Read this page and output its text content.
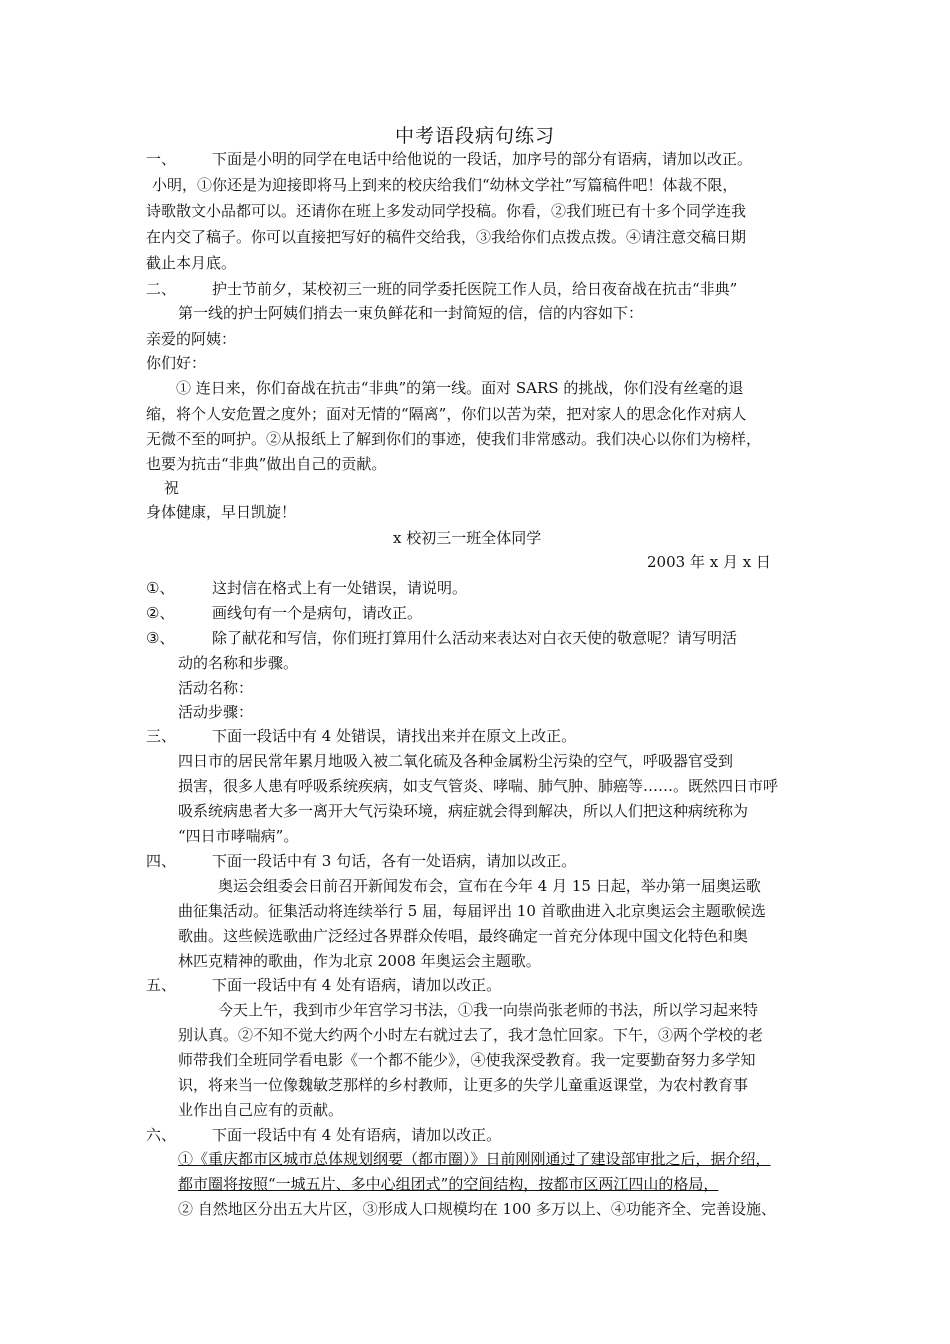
中考语段病句练习
一、 下面是小明的同学在电话中给他说的一段话，加序号的部分有语病，请加以改正。
小明，①你还是为迎接即将马上到来的校庆给我们“幼林文学社”写篇稿件吧！体裁不限，
诗歌散文小品都可以。还请你在班上多发动同学投稿。你看，②我们班已有十多个同学连我
在内交了稿子。你可以直接把写好的稿件交给我，③我给你们点拨点拨。④请注意交稿日期
截止本月底。
二、 护士节前夕，某校初三一班的同学委托医院工作人员，给日夜奋战在抗击“非典”
第一线的护士阿姨们捎去一束负鲜花和一封简短的信，信的内容如下：
亲爱的阿姨：
你们好：
① 连日来，你们奋战在抗击“非典”的第一线。面对 SARS 的挑战，你们没有丝毫的退
缩，将个人安危置之度外；面对无情的“隔离”，你们以苦为荣，把对家人的思念化作对病人
无微不至的呵护。②从报纸上了解到你们的事迹，使我们非常感动。我们决心以你们为榜样，
也要为抗击“非典”做出自己的贡献。
祝
身体健康，早日凯旋！
x 校初三一班全体同学
2003 年 x 月 x 日
①、	这封信在格式上有一处错误，请说明。
②、	画线句有一个是病句，请改正。
③、	除了献花和写信，你们班打算用什么活动来表达对白衣天使的敬意呢？请写明活
动的名称和步骤。
活动名称：
活动步骤：
三、 下面一段话中有 4 处错误，请找出来并在原文上改正。
四日市的居民常年累月地吸入被二氧化硫及各种金属粉尘污染的空气，呼吸器官受到
损害，很多人患有呼吸系统疾病，如支气管炎、哮喘、肺气肿、肺癌等……。既然四日市呼
吸系统病患者大多一离开大气污染环境，病症就会得到解决，所以人们把这种病统称为
“四日市哮喘病”。
四、 下面一段话中有 3 句话，各有一处语病，请加以改正。
奥运会组委会日前召开新闻发布会，宣布在今年 4 月 15 日起，举办第一届奥运歌
曲征集活动。征集活动将连续举行 5 届，每届评出 10 首歌曲进入北京奥运会主题歌候选
歌曲。这些候选歌曲广泛经过各界群众传唱，最终确定一首充分体现中国文化特色和奥
林匹克精神的歌曲，作为北京 2008 年奥运会主题歌。
五、 下面一段话中有 4 处有语病，请加以改正。
今天上午，我到市少年宫学习书法，①我一向崇尚张老师的书法，所以学习起来特
别认真。②不知不觉大约两个小时左右就过去了，我才急忙回家。下午，③两个学校的老
师带我们全班同学看电影《一个都不能少》，④使我深受教育。我一定要勤奋努力多学知
识，将来当一位像魏敏芝那样的乡村教师，让更多的失学儿童重返课堂，为农村教育事
业作出自己应有的贡献。
六、 下面一段话中有 4 处有语病，请加以改正。
①《重庆都市区城市总体规划纲要（都市圈）》日前刚刚通过了建设部审批之后，据介绍，
都市圈将按照“一城五片、多中心组团式”的空间结构，按都市区两江四山的格局，
② 自然地区分出五大片区，③形成人口规模均在 100 多万以上、④功能齐全、完善设施、
